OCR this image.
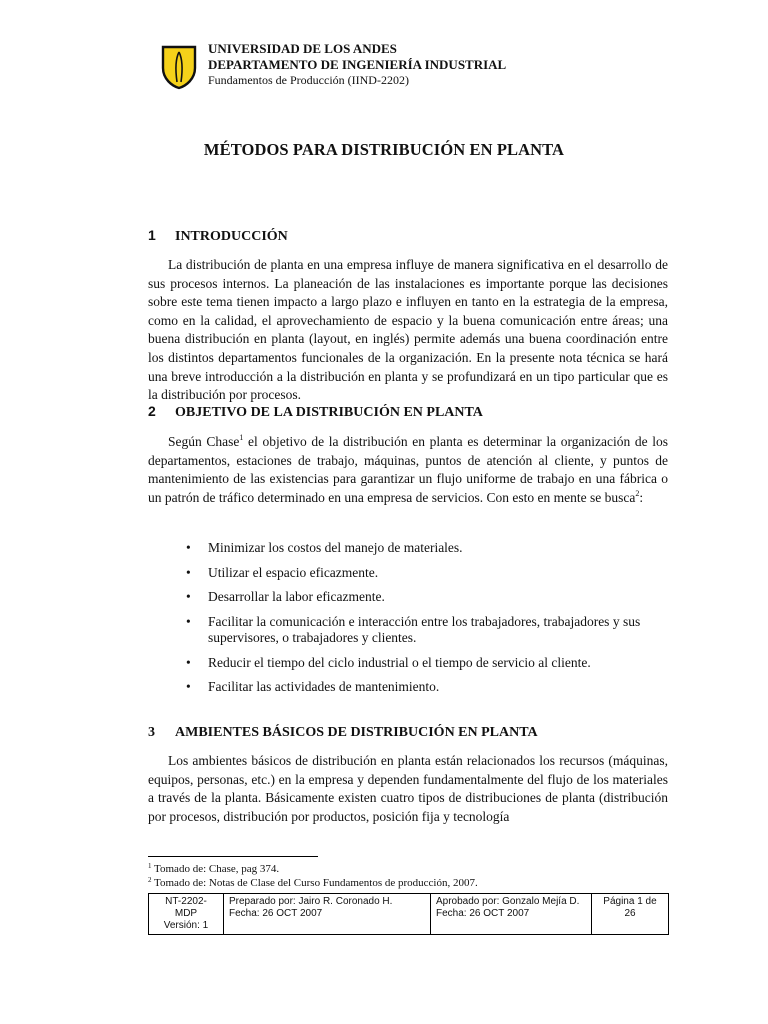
UNIVERSIDAD DE LOS ANDES
DEPARTAMENTO DE INGENIERÍA INDUSTRIAL
Fundamentos de Producción (IIND-2202)
MÉTODOS PARA DISTRIBUCIÓN EN PLANTA
1 INTRODUCCIÓN
La distribución de planta en una empresa influye de manera significativa en el desarrollo de sus procesos internos. La planeación de las instalaciones es importante porque las decisiones sobre este tema tienen impacto a largo plazo e influyen en tanto en la estrategia de la empresa, como en la calidad, el aprovechamiento de espacio y la buena comunicación entre áreas; una buena distribución en planta (layout, en inglés) permite además una buena coordinación entre los distintos departamentos funcionales de la organización. En la presente nota técnica se hará una breve introducción a la distribución en planta y se profundizará en un tipo particular que es la distribución por procesos.
2 OBJETIVO DE LA DISTRIBUCIÓN EN PLANTA
Según Chase$^1$ el objetivo de la distribución en planta es determinar la organización de los departamentos, estaciones de trabajo, máquinas, puntos de atención al cliente, y puntos de mantenimiento de las existencias para garantizar un flujo uniforme de trabajo en una fábrica o un patrón de tráfico determinado en una empresa de servicios. Con esto en mente se busca$^2$:
• Minimizar los costos del manejo de materiales.
• Utilizar el espacio eficazmente.
• Desarrollar la labor eficazmente.
• Facilitar la comunicación e interacción entre los trabajadores, trabajadores y sus supervisores, o trabajadores y clientes.
• Reducir el tiempo del ciclo industrial o el tiempo de servicio al cliente.
• Facilitar las actividades de mantenimiento.
3 AMBIENTES BÁSICOS DE DISTRIBUCIÓN EN PLANTA
Los ambientes básicos de distribución en planta están relacionados los recursos (máquinas, equipos, personas, etc.) en la empresa y dependen fundamentalmente del flujo de los materiales a través de la planta. Básicamente existen cuatro tipos de distribuciones de planta (distribución por procesos, distribución por productos, posición fija y tecnología
$^1$ Tomado de: Chase, pag 374.
$^2$ Tomado de: Notas de Clase del Curso Fundamentos de producción, 2007.
NT-2202-
MDP
Versión: 1

Preparado por: Jairo R. Coronado H.
Fecha: 26 OCT 2007

Aprobado por: Gonzalo Mejía D.
Fecha: 26 OCT 2007

Página 1 de
26
